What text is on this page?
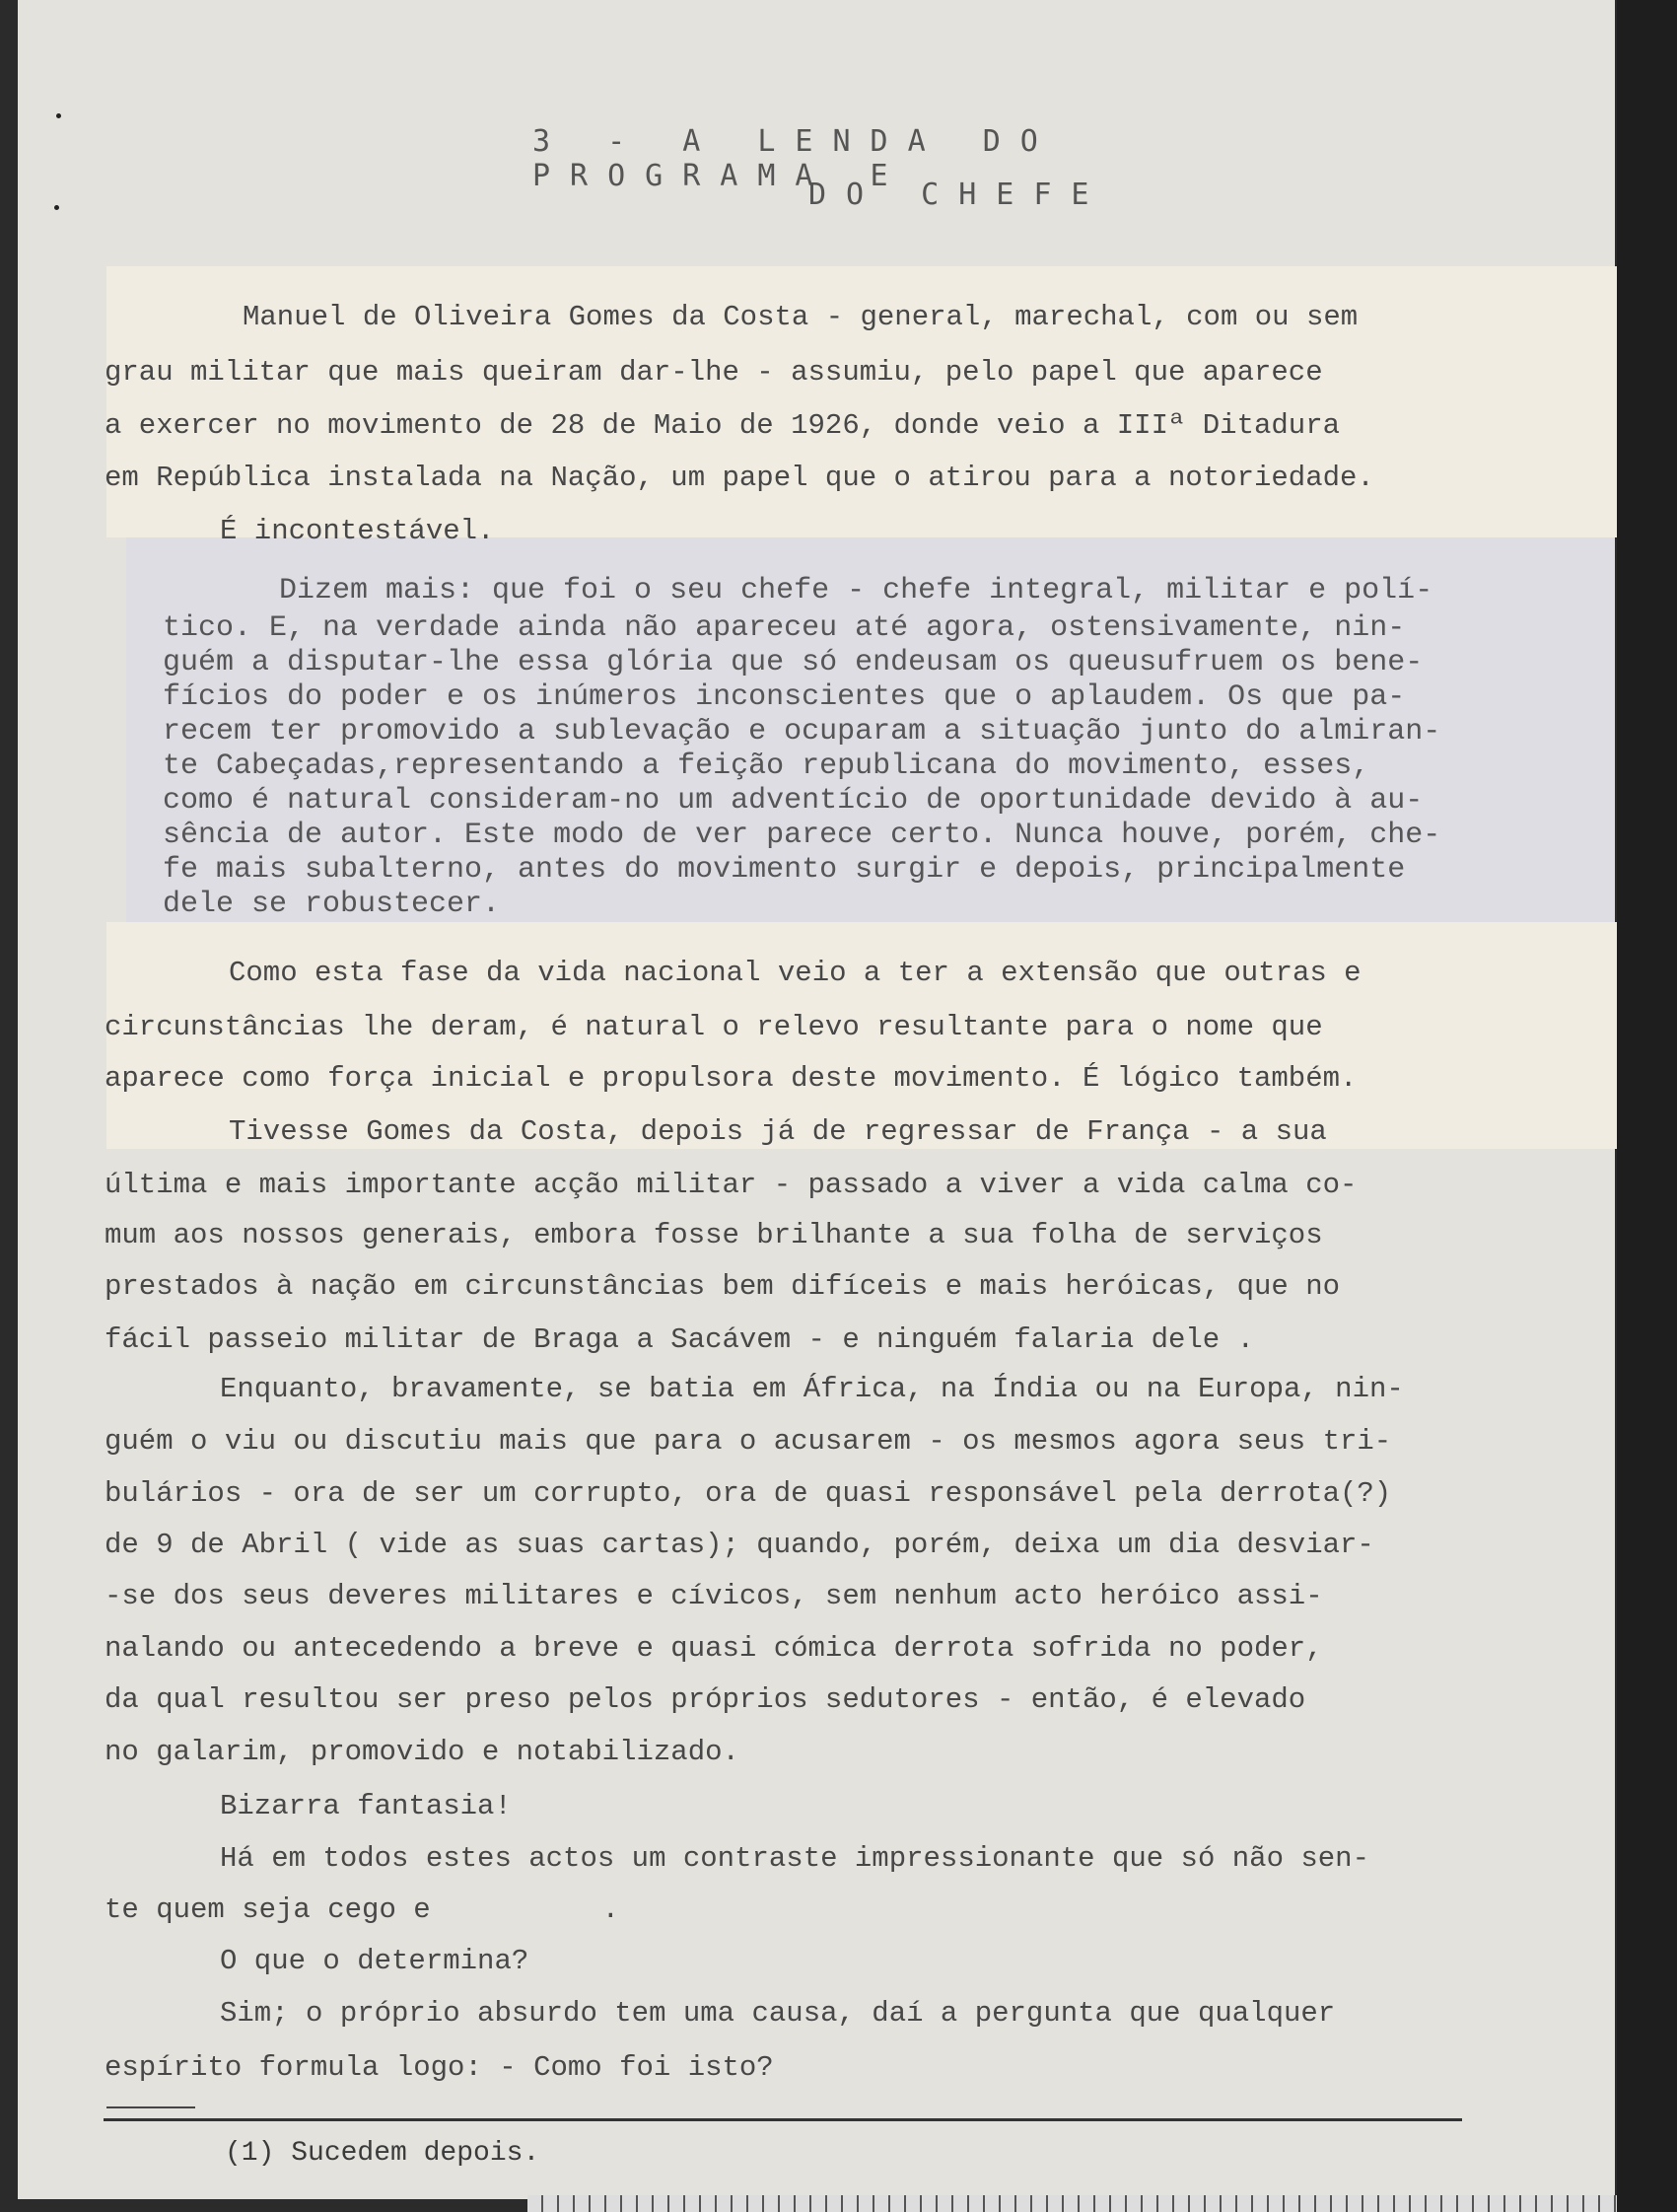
3 - A LENDA DO PROGRAMA E
DO CHEFE
Manuel de Oliveira Gomes da Costa - general, marechal, com ou sem
grau militar que mais queiram dar-lhe - assumiu, pelo papel que aparece
a exercer no movimento de 28 de Maio de 1926, donde veio a IIIª Ditadura
em República instalada na Nação, um papel que o atirou para a notoriedade.
É incontestável.
Dizem mais: que foi o seu chefe - chefe integral, militar e polí-
tico. E, na verdade ainda não apareceu até agora, ostensivamente, nin-
guém a disputar-lhe essa glória que só endeusam os queusufruem os bene-
fícios do poder e os inúmeros inconscientes que o aplaudem. Os que pa-
recem ter promovido a sublevação e ocuparam a situação junto do almiran-
te Cabeçadas,representando a feição republicana do movimento, esses,
como é natural consideram-no um adventício de oportunidade devido à au-
sência de autor. Este modo de ver parece certo. Nunca houve, porém, che-
fe mais subalterno, antes do movimento surgir e depois, principalmente
dele se robustecer.
Como esta fase da vida nacional veio a ter a extensão que outras e
circunstâncias lhe deram, é natural o relevo resultante para o nome que
aparece como força inicial e propulsora deste movimento. É lógico também.
Tivesse Gomes da Costa, depois já de regressar de França - a sua
última e mais importante acção militar - passado a viver a vida calma co-
mum aos nossos generais, embora fosse brilhante a sua folha de serviços
prestados à nação em circunstâncias bem difíceis e mais heróicas, que no
fácil passeio militar de Braga a Sacávem - e ninguém falaria dele .
Enquanto, bravamente, se batia em África, na Índia ou na Europa, nin-
guém o viu ou discutiu mais que para o acusarem - os mesmos agora seus tri-
bulários - ora de ser um corrupto, ora de quasi responsável pela derrota(?)
de 9 de Abril ( vide as suas cartas); quando, porém, deixa um dia desviar-
-se dos seus deveres militares e cívicos, sem nenhum acto heróico assi-
nalando ou antecedendo a breve e quasi cómica derrota sofrida no poder,
da qual resultou ser preso pelos próprios sedutores - então, é elevado
no galarim, promovido e notabilizado.
Bizarra fantasia!
Há em todos estes actos um contraste impressionante que só não sen-
te quem seja cego e          .
O que o determina?
Sim; o próprio absurdo tem uma causa, daí a pergunta que qualquer
espírito formula logo: - Como foi isto?
(1) Sucedem depois.
